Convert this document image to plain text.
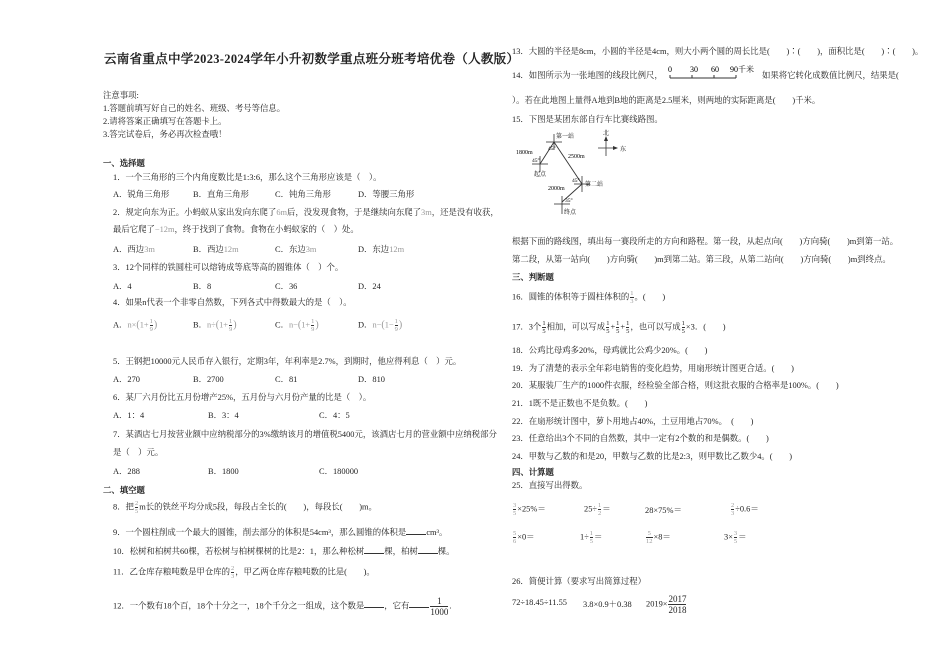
云南省重点中学2023-2024学年小升初数学重点班分班考培优卷（人教版）
注意事项:
1.答题前填写好自己的姓名、班级、考号等信息。
2.请将答案正确填写在答题卡上。
3.答完试卷后，务必再次检查哦！
一、选择题
1．一个三角形的三个内角度数比是1:3:6，那么这个三角形应该是（　）。
A．锐角三角形	B．直角三角形	C．钝角三角形	D．等腰三角形
2．规定向东为正。小蚂蚁从家出发向东爬了6m后，没发现食物，于是继续向东爬了3m，还是没有收获，
最后它爬了−12m，终于找到了食物。食物在小蚂蚁家的（　）处。
A．西边3m	B．西边12m	C．东边3m	D．东边12m
3．12个同样的铁圆柱可以熔铸成等底等高的圆锥体（　）个。
A．4	B．8	C．36	D．24
4．如果n代表一个非零自然数，下列各式中得数最大的是（　）。
A．$n\times(1+ \frac{1}{9}$ )	B．$n\div(1+ \frac{1}{9}$ )	C．$n-(1+ \frac{1}{9}$ )	D．$n-(1- \frac{1}{9}$ )
5．王钢把10000元人民币存入银行，定期3年，年利率是2.7%，到期时，他应得利息（　）元。
A．270	B．2700	C．81	D．810
6．某厂六月份比五月份增产25%，五月份与六月份产量的比是（　）。
A．1：4	B．3：4	C．4：5
7．某酒店七月按营业额中应纳税部分的3%缴纳该月的增值税5400元，该酒店七月的营业额中应纳税部分
是（　）元。
A．288	B．1800	C．180000
二、填空题
8．把 $\frac{2}{5}$ m长的铁丝平均分成5段，每段占全长的(　　)，每段长(　　)m。
9．一个圆柱削成一个最大的圆锥，削去部分的体积是54cm³，那么圆锥的体积是 cm³。
10．松树和柏树共60棵，若松树与柏树棵树的比是2：1，那么种松树 棵，柏树 棵。
11．乙仓库存粮吨数是甲仓库的 $\frac{2}{3}$ ，甲乙两仓库存粮吨数的比是(　　)。
12．一个数有18个百，18个十分之一，18个千分之一组成，这个数是 ，它有 $\frac{1}{1000}$ .
13．大圆的半径是8cm，小圆的半径是4cm，则大小两个圆的周长比是(　　)∶(　　)，面积比是(　　)∶(　　)。
14．如图所示为一张地图的线段比例尺，
0 30 60 90千米
如果将它转化成数值比例尺，结果是(
）。若在此地图上量得A地到B地的距离是2.5厘米，则两地的实际距离是(　　)千米。
15．下图是某团东部自行车比赛线路图。
起点
45°
1800m
第一站
45°
2500m
第二站
45°
2000m
35°
终点
北
东
根据下面的路线图，填出每一赛段所走的方向和路程。第一段，从起点向(　　)方向骑(　　)m到第一站。
第二段，从第一站向(　　)方向骑(　　)m到第二站。第三段，从第二站向(　　)方向骑(　　)m到终点。
三、判断题
16．圆锥的体积等于圆柱体积的 $\frac{1}{3}$ 。(　　)
17．3个 $\frac{1}{5}$ 相加，可以写成 $\frac{1}{5} + \frac{1}{5} + \frac{1}{5}$ ，也可以写成 $\frac{1}{5} \times 3$．(　　)
18．公鸡比母鸡多20%，母鸡就比公鸡少20%。(　　)
19．为了清楚的表示全年彩电销售的变化趋势，用扇形统计图更合适。(　　)
20．某服装厂生产的1000件衣服，经检验全部合格，则这批衣服的合格率是100%。(　　)
21．1既不是正数也不是负数。(　　)
22．在扇形统计图中，萝卜用地占40%，土豆用地占70%。　(　　)
23．任意给出3个不同的自然数，其中一定有2个数的和是偶数。(　　)
24．甲数与乙数的和是20，甲数与乙数的比是2:3，则甲数比乙数少4。(　　)
四、计算题
25．直接写出得数。
$\frac{3}{5} \times 25\%=$	$25\div \frac{1}{2}$ ＝	28×75%＝	$\frac{2}{3} \div 0.6=$
$\frac{5}{6} \times 0=$	$1\div \frac{1}{5}$ ＝	$\frac{5}{12} \times 8=$	$3\times \frac{3}{5}$ ＝
26．简便计算（要求写出简算过程）
72÷18.45÷11.55 3.8×0.9＋0.38 $2019\times \frac{2017}{2018}$
